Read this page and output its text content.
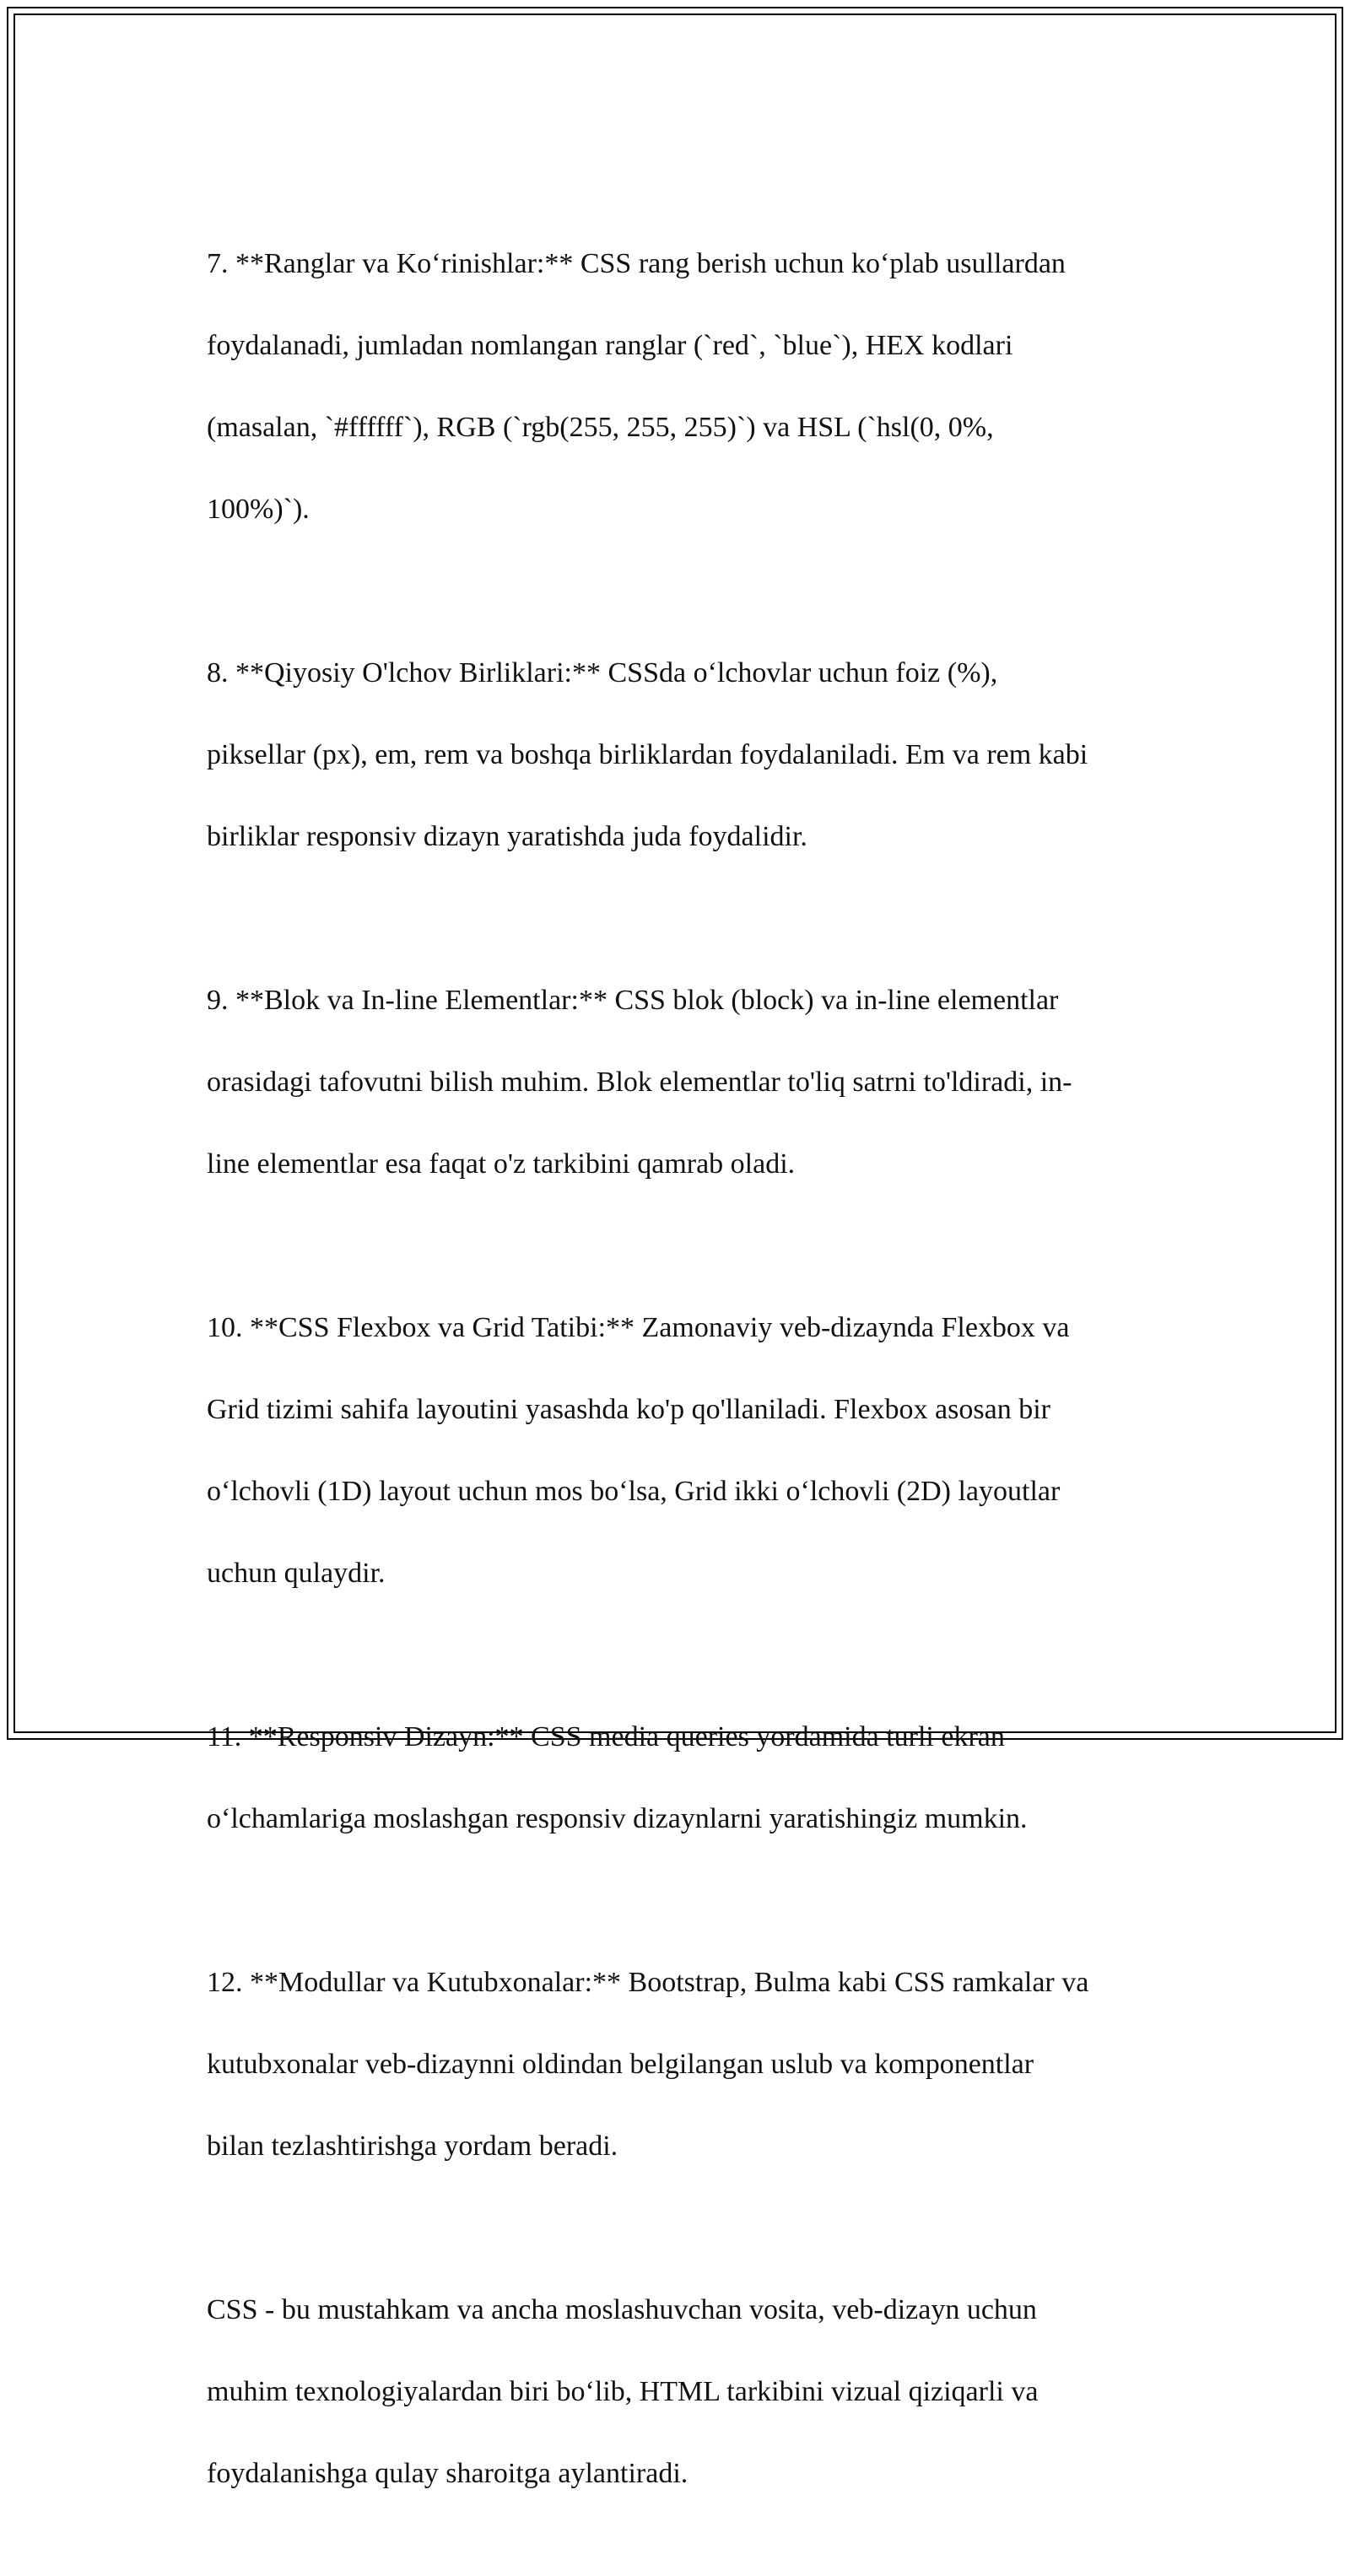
7. **Ranglar va Ko‘rinishlar:** CSS rang berish uchun ko‘plab usullardan

foydalanadi, jumladan nomlangan ranglar (`red`, `blue`), HEX kodlari

(masalan, `#ffffff`), RGB (`rgb(255, 255, 255)`) va HSL (`hsl(0, 0%,

100%)`).

8. **Qiyosiy O'lchov Birliklari:** CSSda o‘lchovlar uchun foiz (%),

piksellar (px), em, rem va boshqa birliklardan foydalaniladi. Em va rem kabi

birliklar responsiv dizayn yaratishda juda foydalidir.

9. **Blok va In-line Elementlar:** CSS blok (block) va in-line elementlar

orasidagi tafovutni bilish muhim. Blok elementlar to'liq satrni to'ldiradi, in-

line elementlar esa faqat o'z tarkibini qamrab oladi.

10. **CSS Flexbox va Grid Tatibi:** Zamonaviy veb-dizaynda Flexbox va

Grid tizimi sahifa layoutini yasashda ko'p qo'llaniladi. Flexbox asosan bir

o‘lchovli (1D) layout uchun mos bo‘lsa, Grid ikki o‘lchovli (2D) layoutlar

uchun qulaydir.

11. **Responsiv Dizayn:** CSS media queries yordamida turli ekran

o‘lchamlariga moslashgan responsiv dizaynlarni yaratishingiz mumkin.

12. **Modullar va Kutubxonalar:** Bootstrap, Bulma kabi CSS ramkalar va

kutubxonalar veb-dizaynni oldindan belgilangan uslub va komponentlar

bilan tezlashtirishga yordam beradi.

CSS - bu mustahkam va ancha moslashuvchan vosita, veb-dizayn uchun

muhim texnologiyalardan biri bo‘lib, HTML tarkibini vizual qiziqarli va

foydalanishga qulay sharoitga aylantiradi.
